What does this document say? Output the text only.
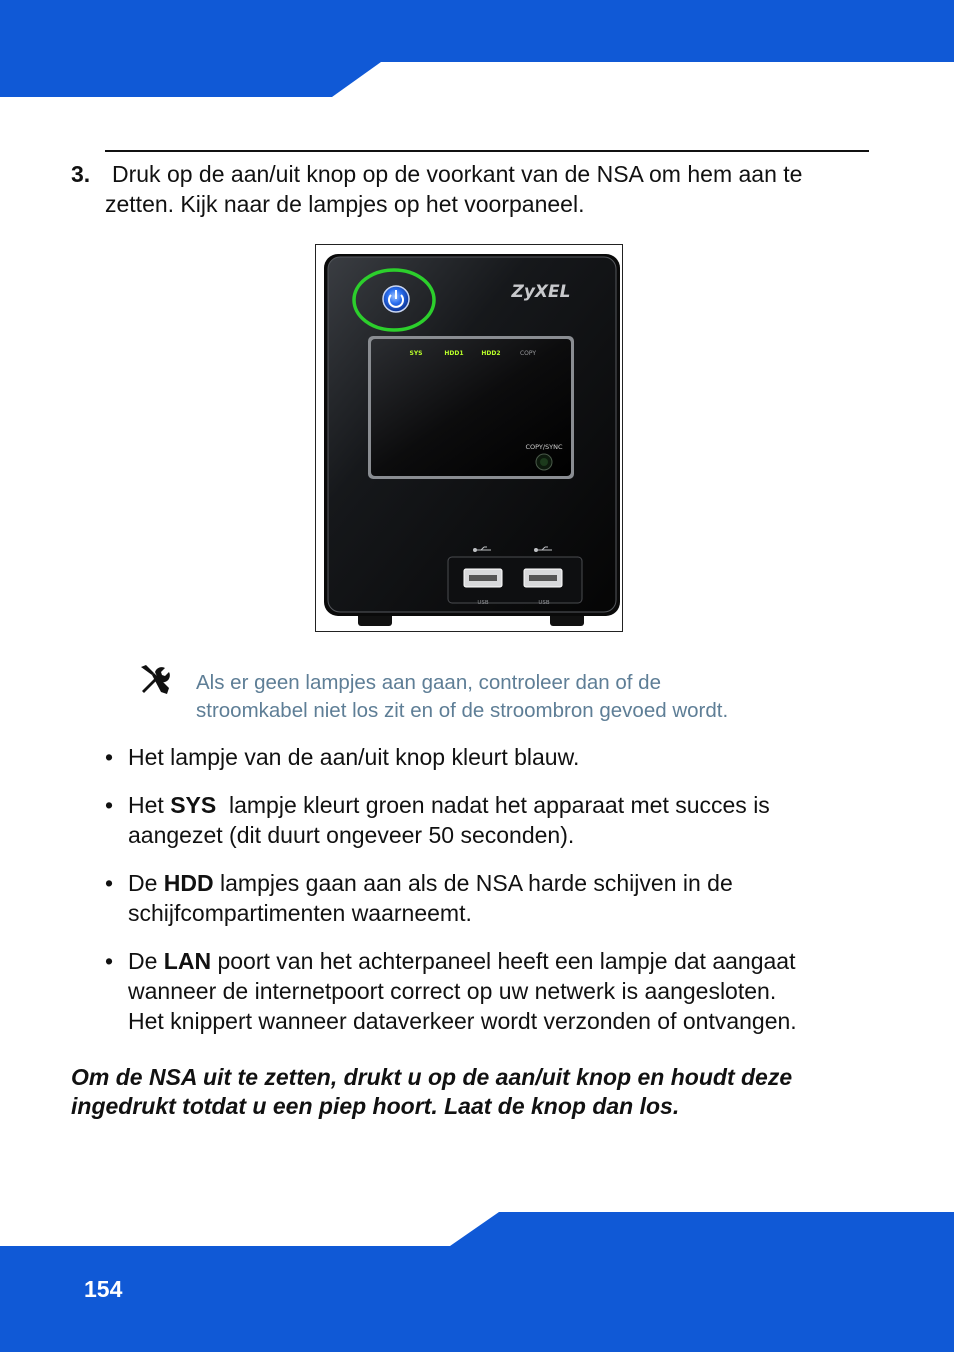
3. Druk op de aan/uit knop op de voorkant van de NSA om hem aan te
zetten. Kijk naar de lampjes op het voorpaneel.
ZyXEL
SYS	HDD1	HDD2	COPY
COPY/SYNC
USB	USB
Als er geen lampjes aan gaan, controleer dan of de
stroomkabel niet los zit en of de stroombron gevoed wordt.
• Het lampje van de aan/uit knop kleurt blauw.
• Het SYS  lampje kleurt groen nadat het apparaat met succes is
aangezet (dit duurt ongeveer 50 seconden).
• De HDD lampjes gaan aan als de NSA harde schijven in de
schijfcompartimenten waarneemt.
• De LAN poort van het achterpaneel heeft een lampje dat aangaat
wanneer de internetpoort correct op uw netwerk is aangesloten.
Het knippert wanneer dataverkeer wordt verzonden of ontvangen.
Om de NSA uit te zetten, drukt u op de aan/uit knop en houdt deze
ingedrukt totdat u een piep hoort. Laat de knop dan los.
154
